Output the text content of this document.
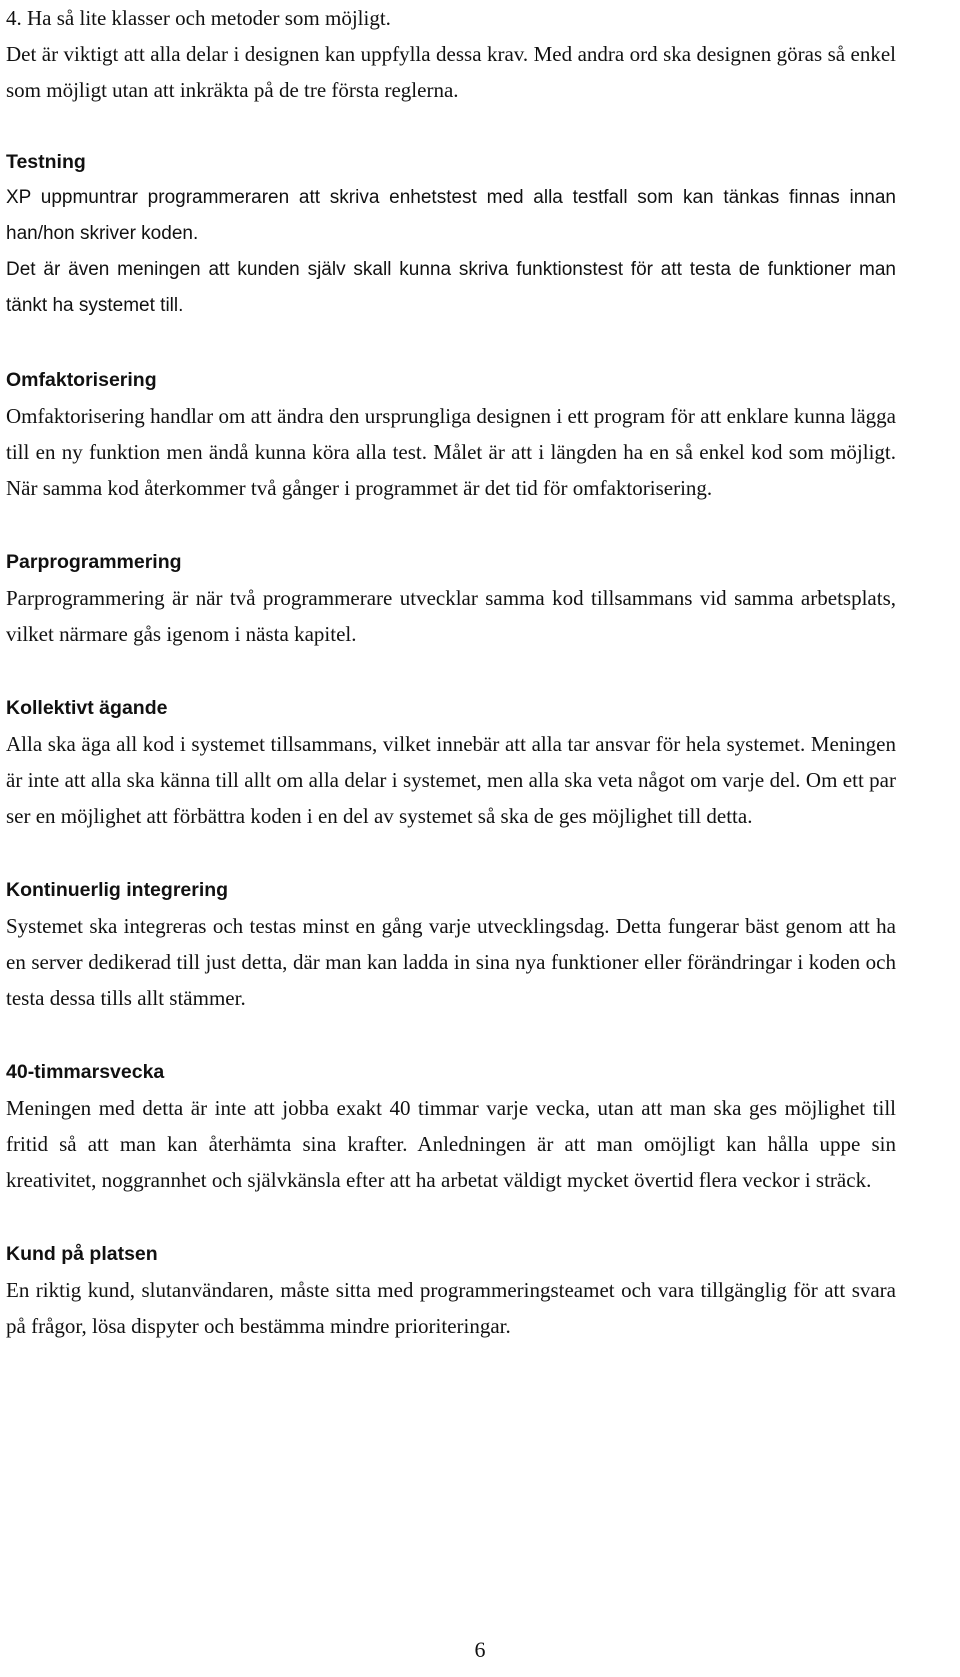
4. Ha så lite klasser och metoder som möjligt.

Det är viktigt att alla delar i designen kan uppfylla dessa krav. Med andra ord ska designen göras så enkel som möjligt utan att inkräkta på de tre första reglerna.

Testning

XP uppmuntrar programmeraren att skriva enhetstest med alla testfall som kan tänkas finnas innan han/hon skriver koden.

Det är även meningen att kunden själv skall kunna skriva funktionstest för att testa de funktioner man tänkt ha systemet till.

Omfaktorisering

Omfaktorisering handlar om att ändra den ursprungliga designen i ett program för att enklare kunna lägga till en ny funktion men ändå kunna köra alla test. Målet är att i längden ha en så enkel kod som möjligt. När samma kod återkommer två gånger i programmet är det tid för omfaktorisering.

Parprogrammering

Parprogrammering är när två programmerare utvecklar samma kod tillsammans vid samma arbetsplats, vilket närmare gås igenom i nästa kapitel.

Kollektivt ägande

Alla ska äga all kod i systemet tillsammans, vilket innebär att alla tar ansvar för hela systemet. Meningen är inte att alla ska känna till allt om alla delar i systemet, men alla ska veta något om varje del. Om ett par ser en möjlighet att förbättra koden i en del av systemet så ska de ges möjlighet till detta.

Kontinuerlig integrering

Systemet ska integreras och testas minst en gång varje utvecklingsdag. Detta fungerar bäst genom att ha en server dedikerad till just detta, där man kan ladda in sina nya funktioner eller förändringar i koden och testa dessa tills allt stämmer.

40-timmarsvecka

Meningen med detta är inte att jobba exakt 40 timmar varje vecka, utan att man ska ges möjlighet till fritid så att man kan återhämta sina krafter. Anledningen är att man omöjligt kan hålla uppe sin kreativitet, noggrannhet och självkänsla efter att ha arbetat väldigt mycket övertid flera veckor i sträck.

Kund på platsen

En riktig kund, slutanvändaren, måste sitta med programmeringsteamet och vara tillgänglig för att svara på frågor, lösa dispyter och bestämma mindre prioriteringar.

6
